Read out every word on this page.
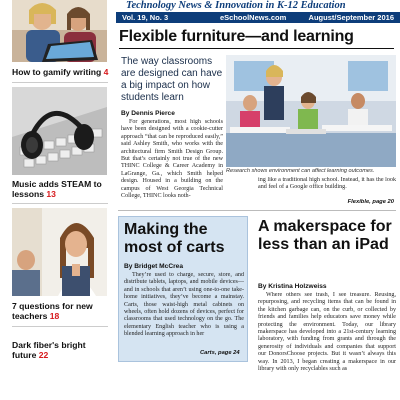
How to gamify writing 4
Music adds STEAM to lessons 13
7 questions for new teachers 18
Dark fiber's bright future 22
Technology News & Innovation in K-12 Education
Vol. 19, No. 3	eSchoolNews.com	August/September 2016
Flexible furniture—and learning
The way classrooms are designed can have a big impact on how students learn
Research shows environment can affect learning outcomes.
By Dennis Pierce
For generations, most high schools have been designed with a cookie-cutter approach “that can be reproduced easily,” said Ashley Smith, who works with the architectural firm Smith Design Group. But that’s certainly not true of the new THINC College & Career Academy in LaGrange, Ga., which Smith helped design. Housed in a building on the campus of West Georgia Technical College, THINC looks noth-
ing like a traditional high school. Instead, it has the look and feel of a Google office building.
Flexible, page 20
Making the most of carts
By Bridget McCrea
They’re used to charge, secure, store, and distribute tablets, laptops, and mobile devices—and in schools that aren’t using one-to-one take-home initiatives, they’ve become a mainstay. Carts, those waist-high metal cabinets on wheels, often hold dozens of devices, perfect for classrooms that used technology on the go. The elementary English teacher who is using a blended learning approach in her
Carts, page 24
A makerspace for less than an iPad
By Kristina Holzweiss
Where others see trash, I see treasure. Reusing, repurposing, and recycling items that can be found in the kitchen garbage can, on the curb, or collected by friends and families help educators save money while protecting the environment. Today, our library makerspace has developed into a 21st-century learning laboratory, with funding from grants and through the generosity of individuals and companies that support our DonorsChoose projects. But it wasn’t always this way. In 2013, I began creating a makerspace in our library with only recyclables such as
